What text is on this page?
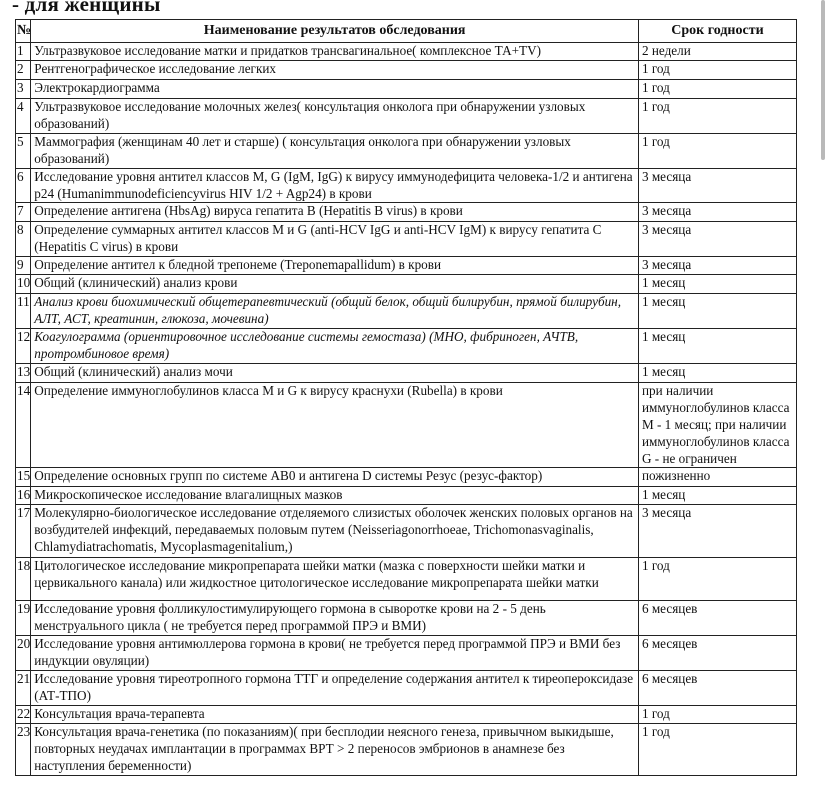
- для женщины
№	Наименование результатов обследования	Срок годности
1	Ультразвуковое исследование матки и придатков трансвагинальное( комплексное ТА+TV)	2 недели
2	Рентгенографическое исследование легких	1 год
3	Электрокардиограмма	1 год
4	Ультразвуковое исследование молочных желез( консультация онколога при обнаружении узловых образований)	1 год
5	Маммография (женщинам 40 лет и старше) ( консультация онколога при обнаружении узловых образований)	1 год
6	Исследование уровня антител классов M, G (IgM, IgG) к вирусу иммунодефицита человека-1/2 и антигена р24 (Humanimmunodeficiencyvirus HIV 1/2 + Agp24) в крови	3 месяца
7	Определение антигена (HbsAg) вируса гепатита B (Hepatitis B virus) в крови	3 месяца
8	Определение суммарных антител классов M и G (anti-HCV IgG и anti-HCV IgM) к вирусу гепатита C (Hepatitis C virus) в крови	3 месяца
9	Определение антител к бледной трепонеме (Treponemapallidum) в крови	3 месяца
10	Общий (клинический) анализ крови	1 месяц
11	Анализ крови биохимический общетерапевтический (общий белок, общий билирубин, прямой билирубин, АЛТ, АСТ, креатинин, глюкоза, мочевина)	1 месяц
12	Коагулограмма (ориентировочное исследование системы гемостаза) (МНО, фибриноген, АЧТВ, протромбиновое время)	1 месяц
13	Общий (клинический) анализ мочи	1 месяц
14	Определение иммуноглобулинов класса M и G к вирусу краснухи (Rubella) в крови	при наличии иммуноглобулинов класса М - 1 месяц; при наличии иммуноглобулинов класса G - не ограничен
15	Определение основных групп по системе AB0 и антигена D системы Резус (резус-фактор)	пожизненно
16	Микроскопическое исследование влагалищных мазков	1 месяц
17	Молекулярно-биологическое исследование отделяемого слизистых оболочек женских половых органов на возбудителей инфекций, передаваемых половым путем (Neisseriagonorrhoeae, Trichomonasvaginalis, Chlamydiatrachomatis, Mycoplasmagenitalium,)	3 месяца
18	Цитологическое исследование микропрепарата шейки матки (мазка с поверхности шейки матки и цервикального канала) или жидкостное цитологическое исследование микропрепарата шейки матки	1 год
19	Исследование уровня фолликулостимулирующего гормона в сыворотке крови на 2 - 5 день менструального цикла ( не требуется перед программой ПРЭ и ВМИ)	6 месяцев
20	Исследование уровня антимюллерова гормона в крови( не требуется перед программой ПРЭ и ВМИ без индукции овуляции)	6 месяцев
21	Исследование уровня тиреотропного гормона ТТГ и определение содержания антител к тиреопероксидазе (АТ-ТПО)	6 месяцев
22	Консультация врача-терапевта	1 год
23	Консультация врача-генетика (по показаниям)( при бесплодии неясного генеза, привычном выкидыше, повторных неудачах имплантации в программах ВРТ > 2 переносов эмбрионов в анамнезе без наступления беременности)	1 год
